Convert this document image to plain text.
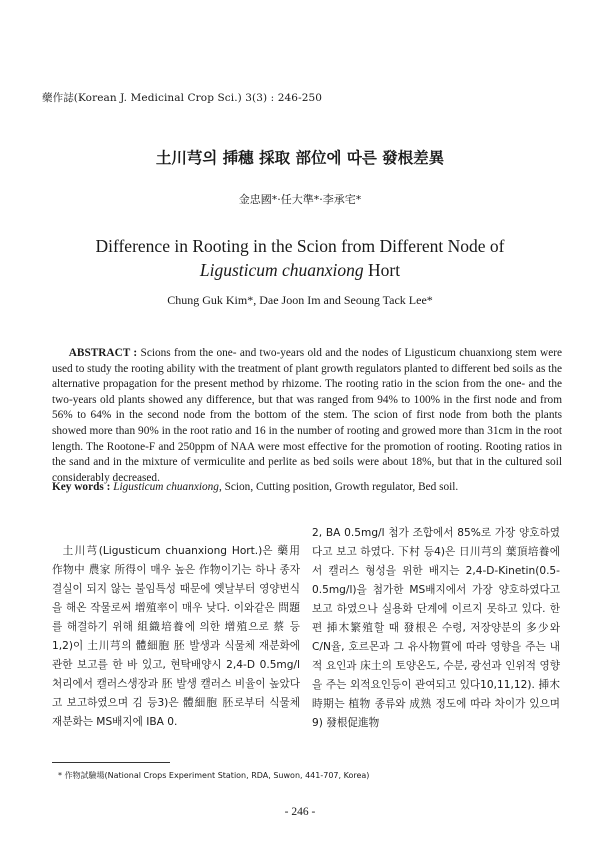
藥作誌(Korean J. Medicinal Crop Sci.) 3(3) : 246-250
土川芎의 揷穗 採取 部位에 따른 發根差異
金忠國*·任大準*·李承宅*
Difference in Rooting in the Scion from Different Node of
Ligusticum chuanxiong Hort
Chung Guk Kim*, Dae Joon Im and Seoung Tack Lee*
ABSTRACT : Scions from the one- and two-years old and the nodes of Ligusticum chuanxiong stem were used to study the rooting ability with the treatment of plant growth regulators planted to different bed soils as the alternative propagation for the present method by rhizome. The rooting ratio in the scion from the one- and the two-years old plants showed any difference, but that was ranged from 94% to 100% in the first node and from 56% to 64% in the second node from the bottom of the stem. The scion of first node from both the plants showed more than 90% in the root ratio and 16 in the number of rooting and growed more than 31cm in the root length. The Rootone-F and 250ppm of NAA were most effective for the promotion of rooting. Rooting ratios in the sand and in the mixture of vermiculite and perlite as bed soils were about 18%, but that in the cultured soil considerably decreased.
Key words : Ligusticum chuanxiong, Scion, Cutting position, Growth regulator, Bed soil.

土川芎(Ligusticum chuanxiong Hort.)은 藥用作物中 農家 所得이 매우 높은 作物이기는 하나 종자결실이 되지 않는 불임특성 때문에 옛날부터 영양번식을 해온 작물로써 增殖率이 매우 낮다. 이와같은 問題를 해결하기 위해 組織培養에 의한 增殖으로 蔡 등1,2)이 土川芎의 體細胞 胚 발생과 식물체 재분화에 관한 보고를 한 바 있고, 현탁배양시 2,4-D 0.5mg/l 처리에서 캘러스생장과 胚 발생 캘러스 비율이 높았다고 보고하였으며 김 등3)은 體細胞 胚로부터 식물체 재분화는 MS배지에 IBA 0.

2, BA 0.5mg/l 첨가 조합에서 85%로 가장 양호하였다고 보고 하였다. 下村 등4)은 日川芎의 葉頂培養에서 캘러스 형성을 위한 배지는 2,4-D-Kinetin(0.5-0.5mg/l)을 첨가한 MS배지에서 가장 양호하였다고 보고 하였으나 실용화 단계에 이르지 못하고 있다. 한편 揷木繁殖할 때 發根은 수령, 저장양분의 多少와 C/N율, 호르몬과 그 유사物質에 따라 영향을 주는 내적 요인과 床土의 토양온도, 수분, 광선과 인위적 영향을 주는 외적요인등이 관여되고 있다10,11,12). 揷木時期는 植物 종류와 成熟 정도에 따라 차이가 있으며9) 發根促進物

* 作物試驗場(National Crops Experiment Station, RDA, Suwon, 441-707, Korea)
- 246 -
